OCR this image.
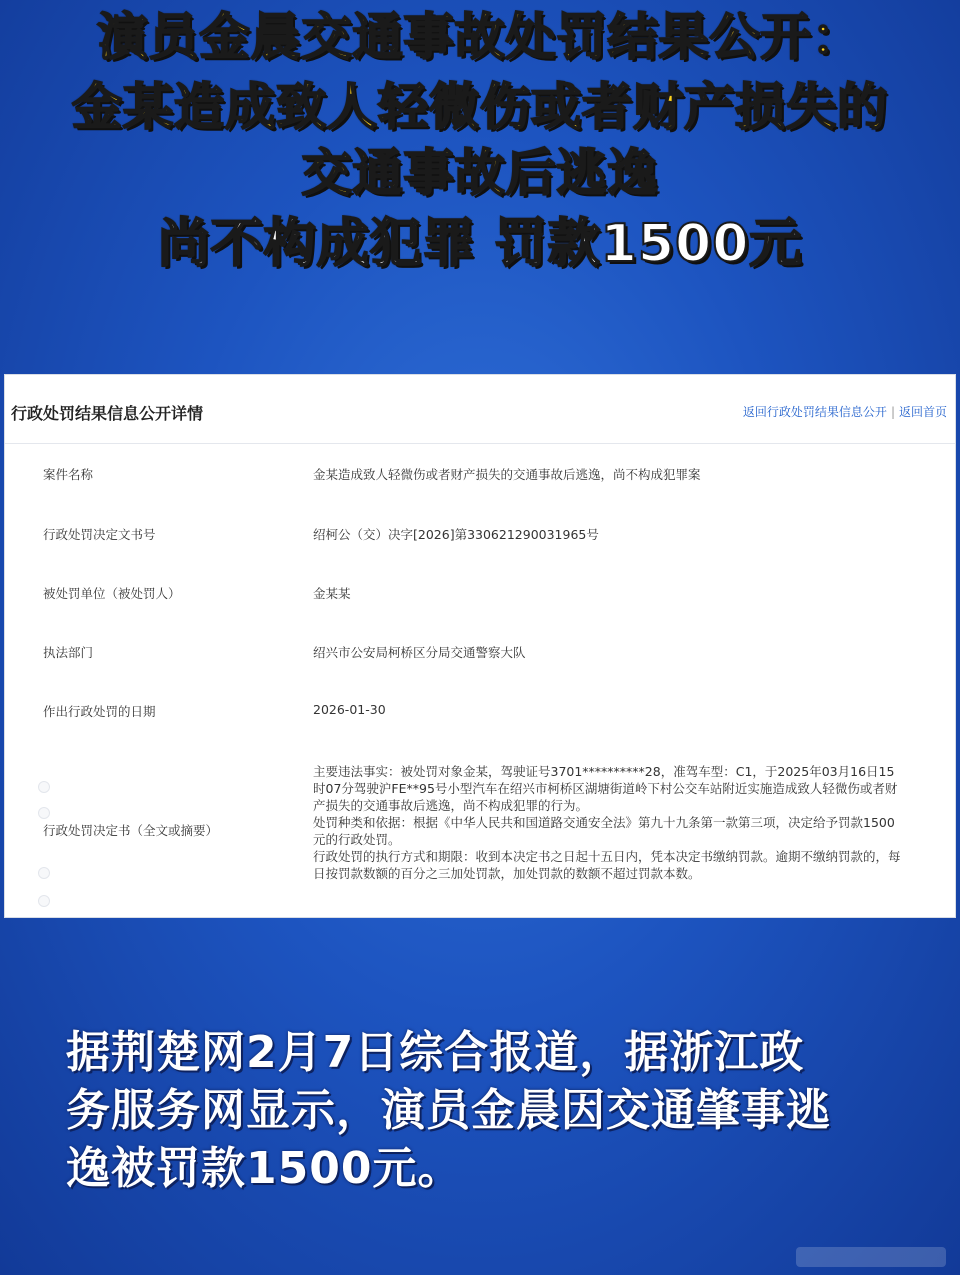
演员金晨交通事故处罚结果公开：
金某造成致人轻微伤或者财产损失的
交通事故后逃逸
尚不构成犯罪 罚款1500元
行政处罚结果信息公开详情	返回行政处罚结果信息公开 | 返回首页
案件名称	金某造成致人轻微伤或者财产损失的交通事故后逃逸，尚不构成犯罪案
行政处罚决定文书号	绍柯公（交）决字[2026]第330621290031965号
被处罚单位（被处罚人）	金某某
执法部门	绍兴市公安局柯桥区分局交通警察大队
作出行政处罚的日期	2026-01-30
行政处罚决定书（全文或摘要）
主要违法事实：被处罚对象金某，驾驶证号3701**********28，准驾车型：C1，于2025年03月16日15
时07分驾驶沪FE**95号小型汽车在绍兴市柯桥区湖塘街道岭下村公交车站附近实施造成致人轻微伤或者财
产损失的交通事故后逃逸，尚不构成犯罪的行为。
处罚种类和依据：根据《中华人民共和国道路交通安全法》第九十九条第一款第三项，决定给予罚款1500
元的行政处罚。
行政处罚的执行方式和期限：收到本决定书之日起十五日内，凭本决定书缴纳罚款。逾期不缴纳罚款的，每
日按罚款数额的百分之三加处罚款，加处罚款的数额不超过罚款本数。
据荆楚网2月7日综合报道，据浙江政
务服务网显示，演员金晨因交通肇事逃
逸被罚款1500元。
